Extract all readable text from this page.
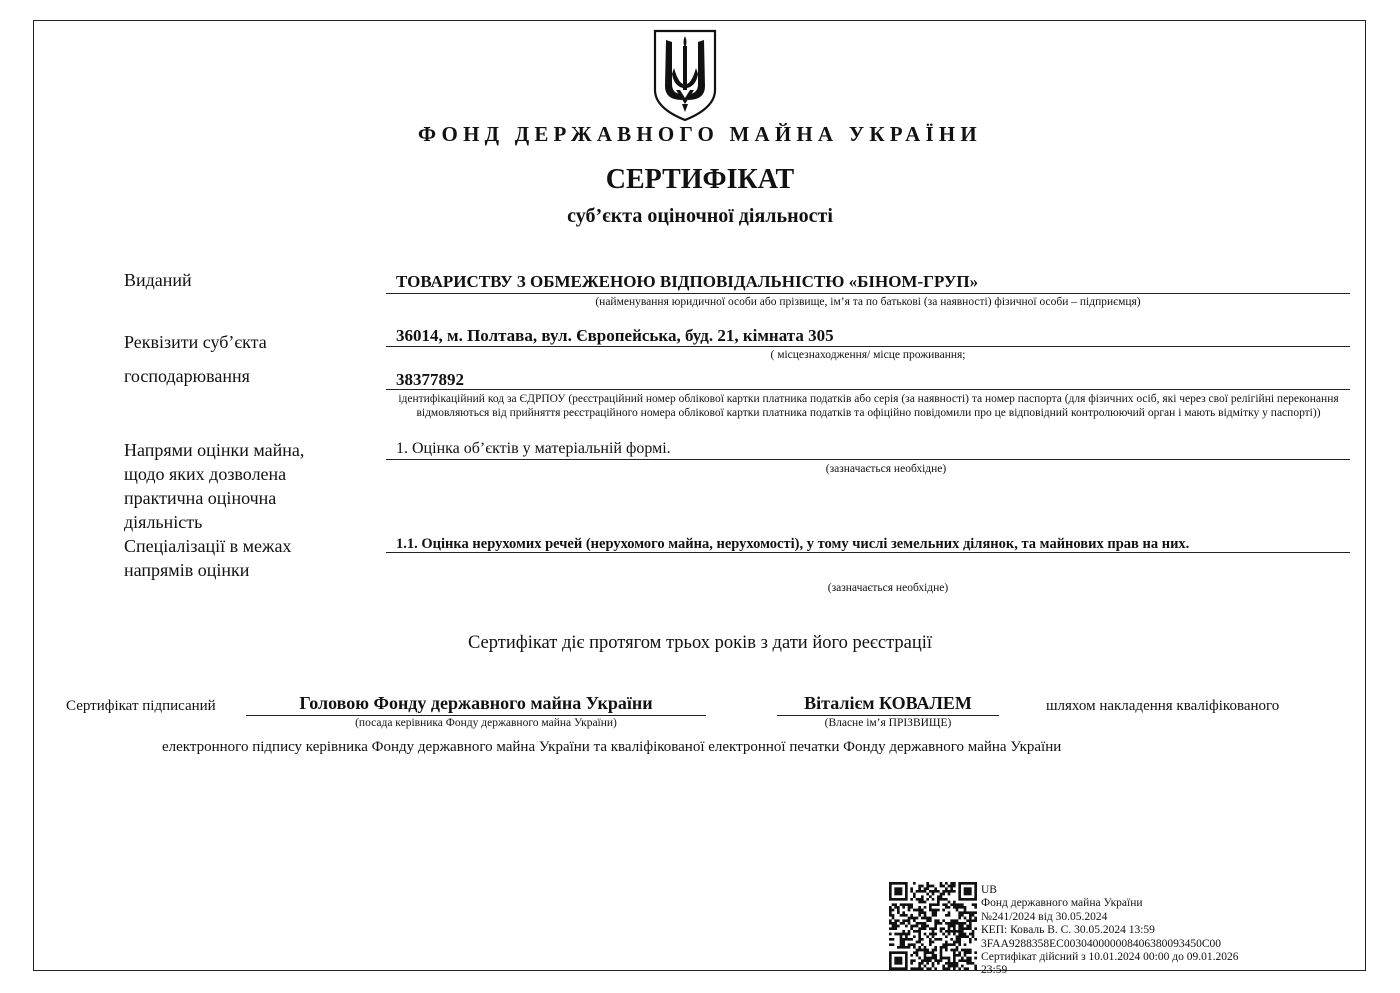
ФОНД ДЕРЖАВНОГО МАЙНА УКРАЇНИ
СЕРТИФІКАТ
суб’єкта оціночної діяльності
Виданий	ТОВАРИСТВУ З ОБМЕЖЕНОЮ ВІДПОВІДАЛЬНІСТЮ «БІНОМ-ГРУП»
(найменування юридичної особи або прізвище, ім’я та по батькові (за наявності) фізичної особи – підприємця)
Реквізити суб’єкта
господарювання
36014, м. Полтава, вул. Європейська, буд. 21, кімната 305
( місцезнаходження/ місце проживання;
38377892
ідентифікаційний код за ЄДРПОУ (реєстраційний номер облікової картки платника податків або серія (за наявності) та номер паспорта (для фізичних осіб, які через свої релігійні переконання відмовляються від прийняття реєстраційного номера облікової картки платника податків та офіційно повідомили про це відповідний контролюючий орган і мають відмітку у паспорті))
Напрями оцінки майна,
щодо яких дозволена
практична оціночна
діяльність
1. Оцінка об’єктів у матеріальній формі.
(зазначається необхідне)
Спеціалізації в межах
напрямів оцінки
1.1. Оцінка нерухомих речей (нерухомого майна, нерухомості), у тому числі земельних ділянок, та майнових прав на них.
(зазначається необхідне)
Сертифікат діє протягом трьох років з дати його реєстрації
Сертифікат підписаний	Головою Фонду державного майна України
(посада керівника Фонду державного майна України)
Віталієм КОВАЛЕМ
(Власне ім’я ПРІЗВИЩЕ)
шляхом накладення кваліфікованого
електронного підпису керівника Фонду державного майна України та кваліфікованої електронної печатки Фонду державного майна України
UB
Фонд державного майна України
№241/2024 від 30.05.2024
КЕП: Коваль В. С. 30.05.2024 13:59
3FAA9288358EC003040000008406380093450C00
Сертифікат дійсний з 10.01.2024 00:00 до 09.01.2026
23:59
